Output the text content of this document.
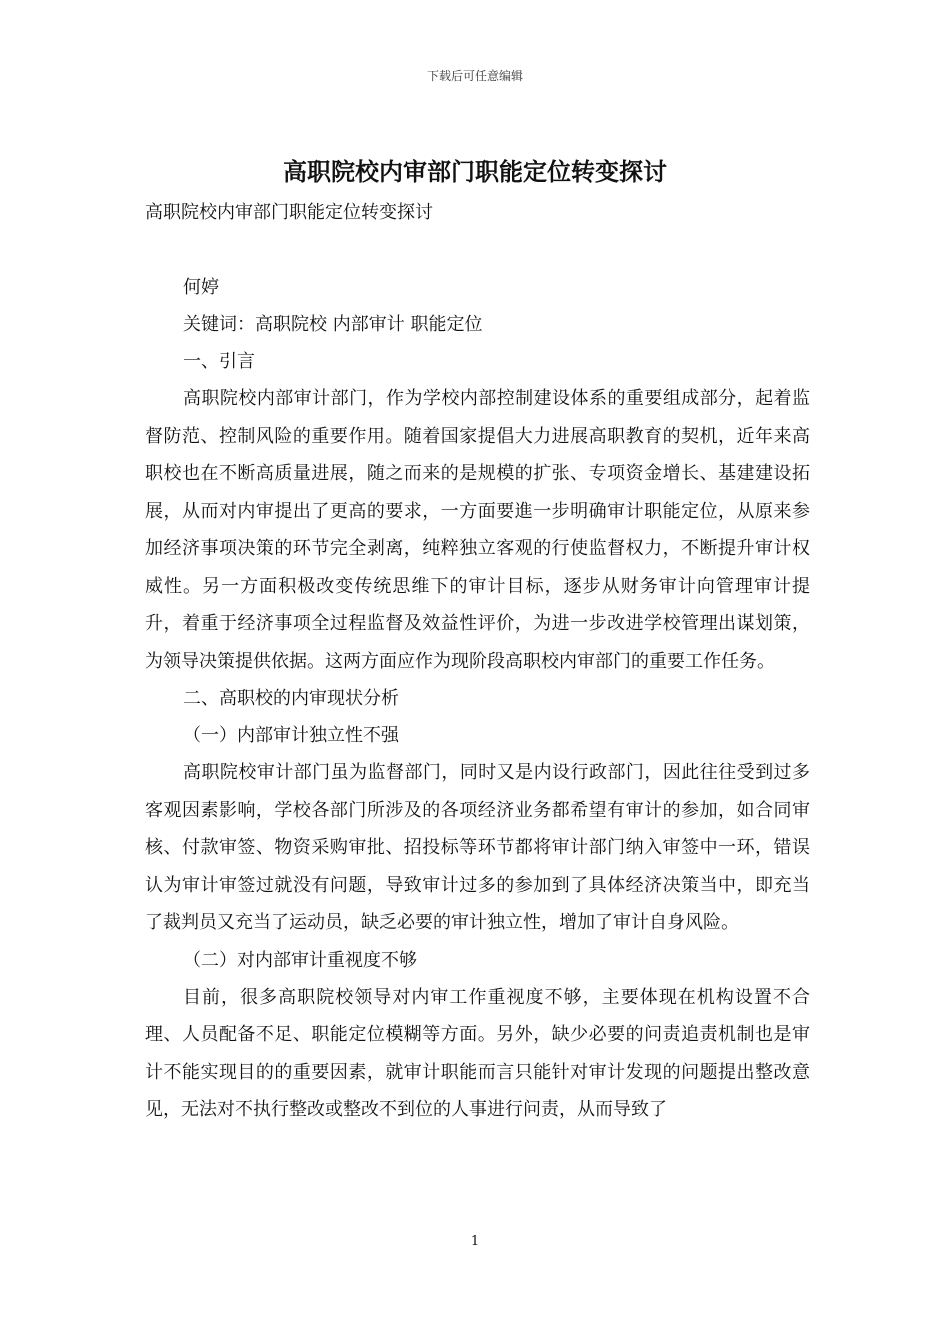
下载后可任意编辑
高职院校内审部门职能定位转变探讨
高职院校内审部门职能定位转变探讨
何婷
关键词：高职院校 内部审计 职能定位
一、引言
高职院校内部审计部门，作为学校内部控制建设体系的重要组成部分，起着监督防范、控制风险的重要作用。随着国家提倡大力进展高职教育的契机，近年来高职校也在不断高质量进展，随之而来的是规模的扩张、专项资金增长、基建建设拓展，从而对内审提出了更高的要求，一方面要進一步明确审计职能定位，从原来参加经济事项决策的环节完全剥离，纯粹独立客观的行使监督权力，不断提升审计权威性。另一方面积极改变传统思维下的审计目标，逐步从财务审计向管理审计提升，着重于经济事项全过程监督及效益性评价，为进一步改进学校管理出谋划策，为领导决策提供依据。这两方面应作为现阶段高职校内审部门的重要工作任务。
二、高职校的内审现状分析
（一）内部审计独立性不强
高职院校审计部门虽为监督部门，同时又是内设行政部门，因此往往受到过多客观因素影响，学校各部门所涉及的各项经济业务都希望有审计的参加，如合同审核、付款审签、物资采购审批、招投标等环节都将审计部门纳入审签中一环，错误认为审计审签过就没有问题，导致审计过多的参加到了具体经济决策当中，即充当了裁判员又充当了运动员，缺乏必要的审计独立性，增加了审计自身风险。
（二）对内部审计重视度不够
目前，很多高职院校领导对内审工作重视度不够，主要体现在机构设置不合理、人员配备不足、职能定位模糊等方面。另外，缺少必要的问责追责机制也是审计不能实现目的的重要因素，就审计职能而言只能针对审计发现的问题提出整改意见，无法对不执行整改或整改不到位的人事进行问责，从而导致了
1
